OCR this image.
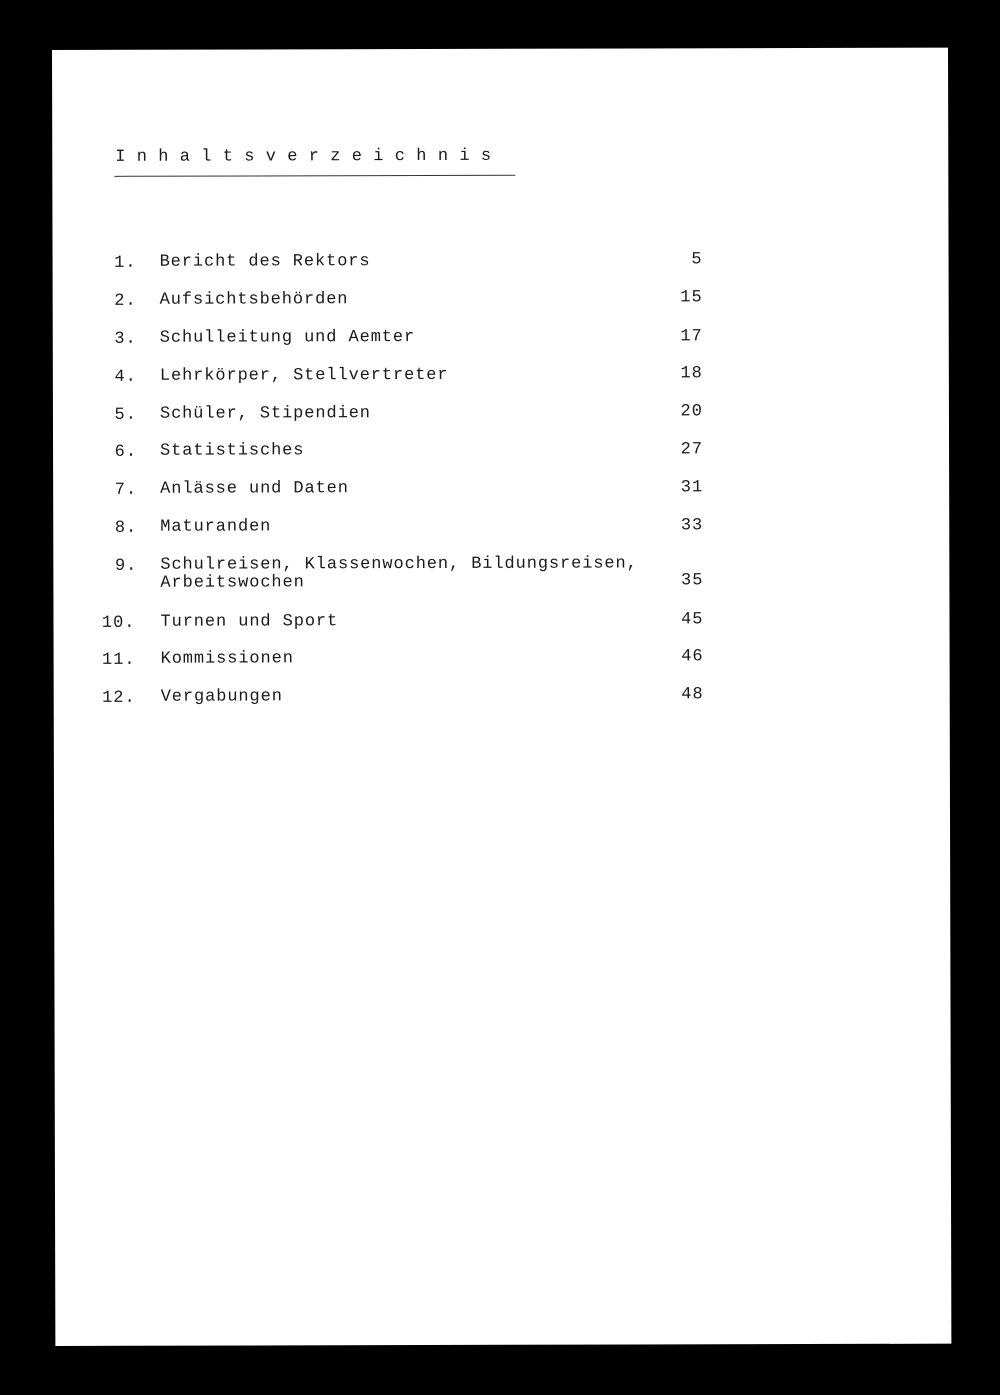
Inhaltsverzeichnis
1. Bericht des Rektors	5
2. Aufsichtsbehörden	15
3. Schulleitung und Aemter	17
4. Lehrkörper, Stellvertreter	18
5. Schüler, Stipendien	20
6. Statistisches	27
7. Anlässe und Daten	31
8. Maturanden	33
9. Schulreisen, Klassenwochen, Bildungsreisen,
Arbeitswochen	35
10. Turnen und Sport	45
11. Kommissionen	46
12. Vergabungen	48
